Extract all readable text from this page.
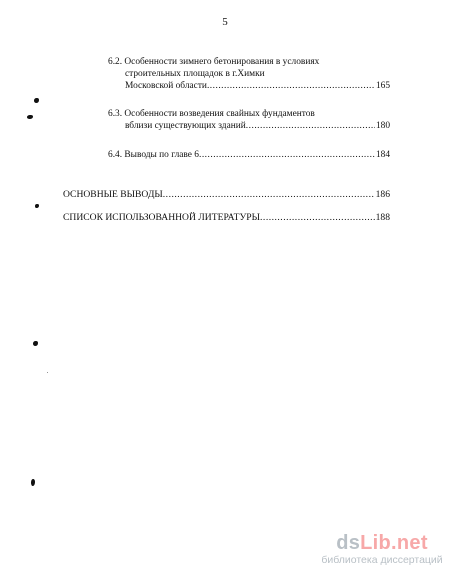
5
6.2. Особенности зимнего бетонирования в условиях
строительных площадок в г.Химки
Московской области .....	165
6.3. Особенности возведения свайных фундаментов
вблизи существующих зданий .....	180
6.4. Выводы по главе 6 .....	184
ОСНОВНЫЕ ВЫВОДЫ .....	186
СПИСОК ИСПОЛЬЗОВАННОЙ ЛИТЕРАТУРЫ .....	188
dsLib.net
библиотека диссертаций
